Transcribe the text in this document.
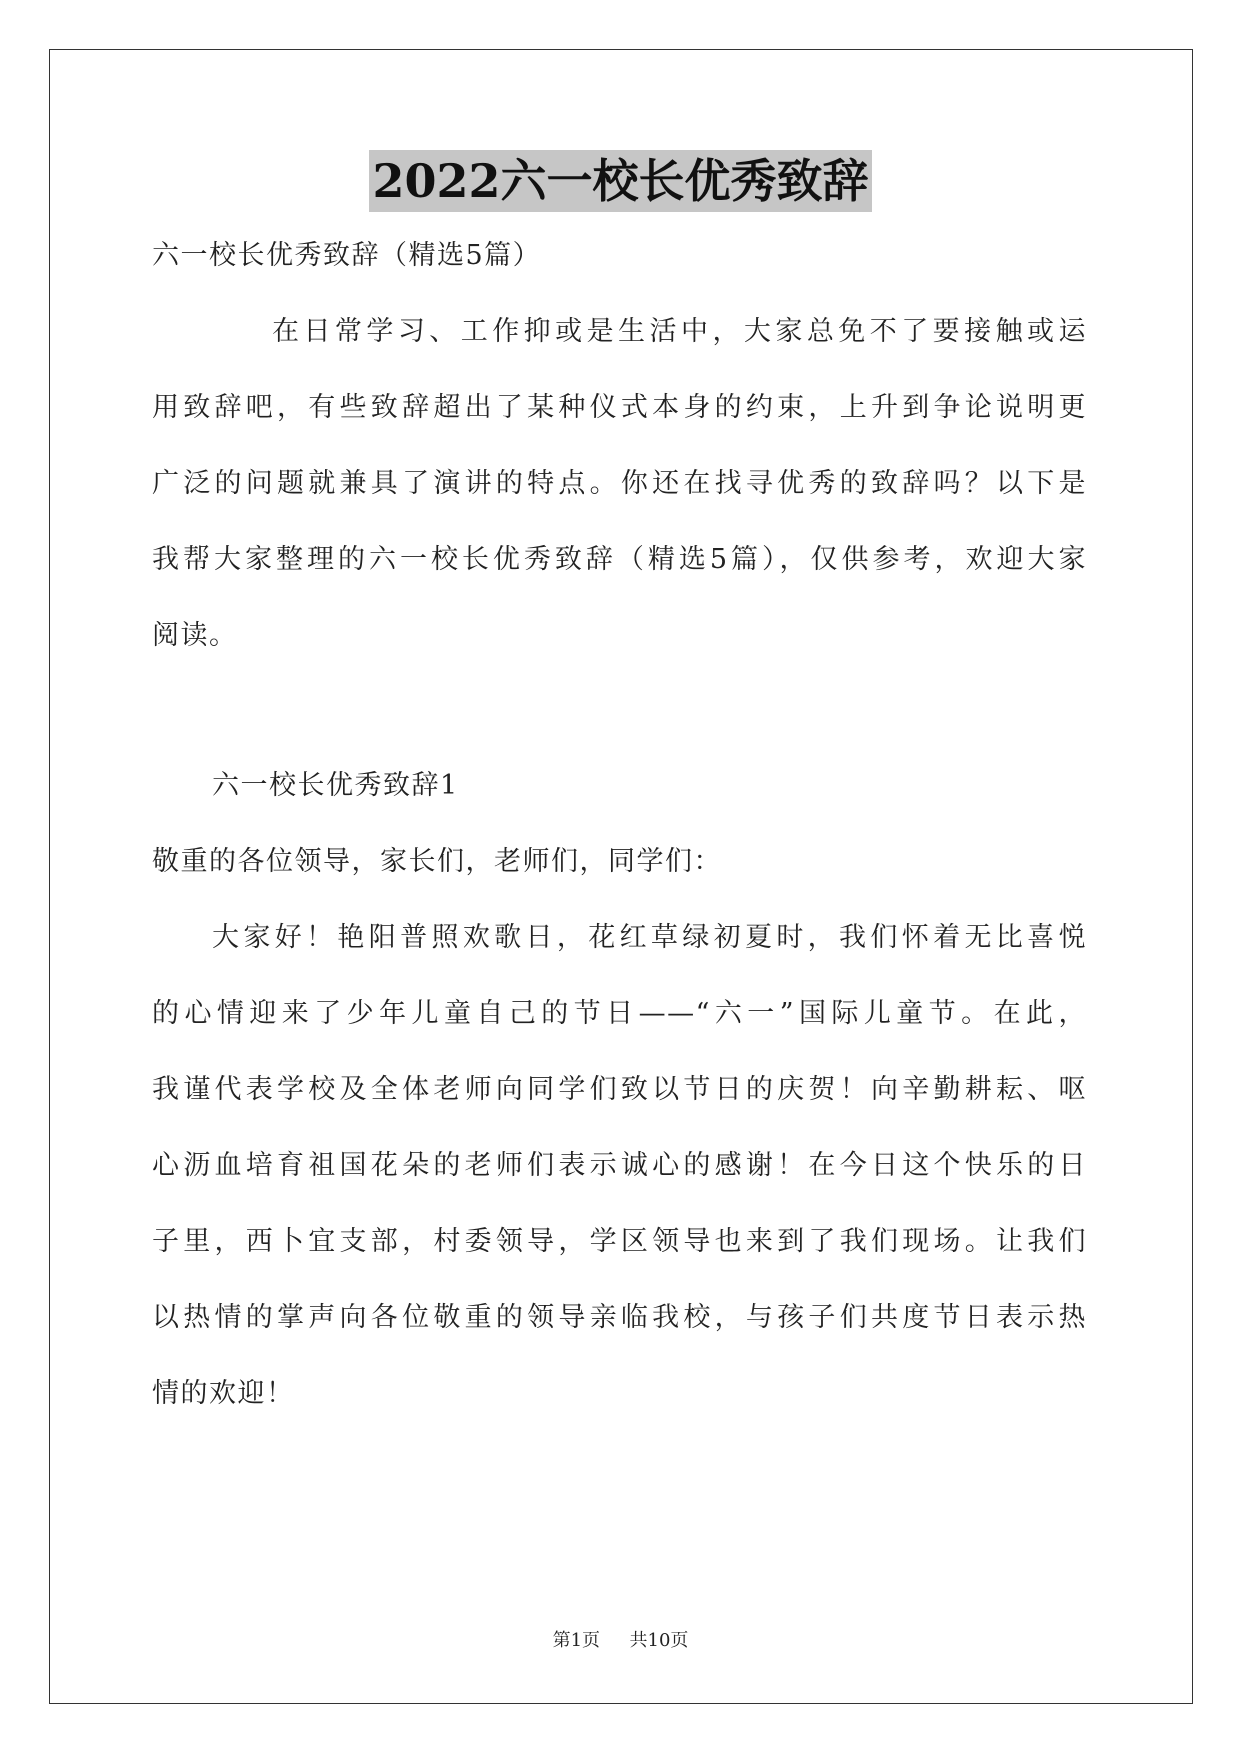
2022六一校长优秀致辞
六一校长优秀致辞（精选5篇）
在日常学习、工作抑或是生活中，大家总免不了要接触或运
用致辞吧，有些致辞超出了某种仪式本身的约束，上升到争论说明更
广泛的问题就兼具了演讲的特点。你还在找寻优秀的致辞吗？以下是
我帮大家整理的六一校长优秀致辞（精选5篇），仅供参考，欢迎大家
阅读。
六一校长优秀致辞1
敬重的各位领导，家长们，老师们，同学们：
大家好！艳阳普照欢歌日，花红草绿初夏时，我们怀着无比喜悦
的心情迎来了少年儿童自己的节日——“六一”国际儿童节。在此，
我谨代表学校及全体老师向同学们致以节日的庆贺！向辛勤耕耘、呕
心沥血培育祖国花朵的老师们表示诚心的感谢！在今日这个快乐的日
子里，西卜宜支部，村委领导，学区领导也来到了我们现场。让我们
以热情的掌声向各位敬重的领导亲临我校，与孩子们共度节日表示热
情的欢迎！
第1页 共10页
